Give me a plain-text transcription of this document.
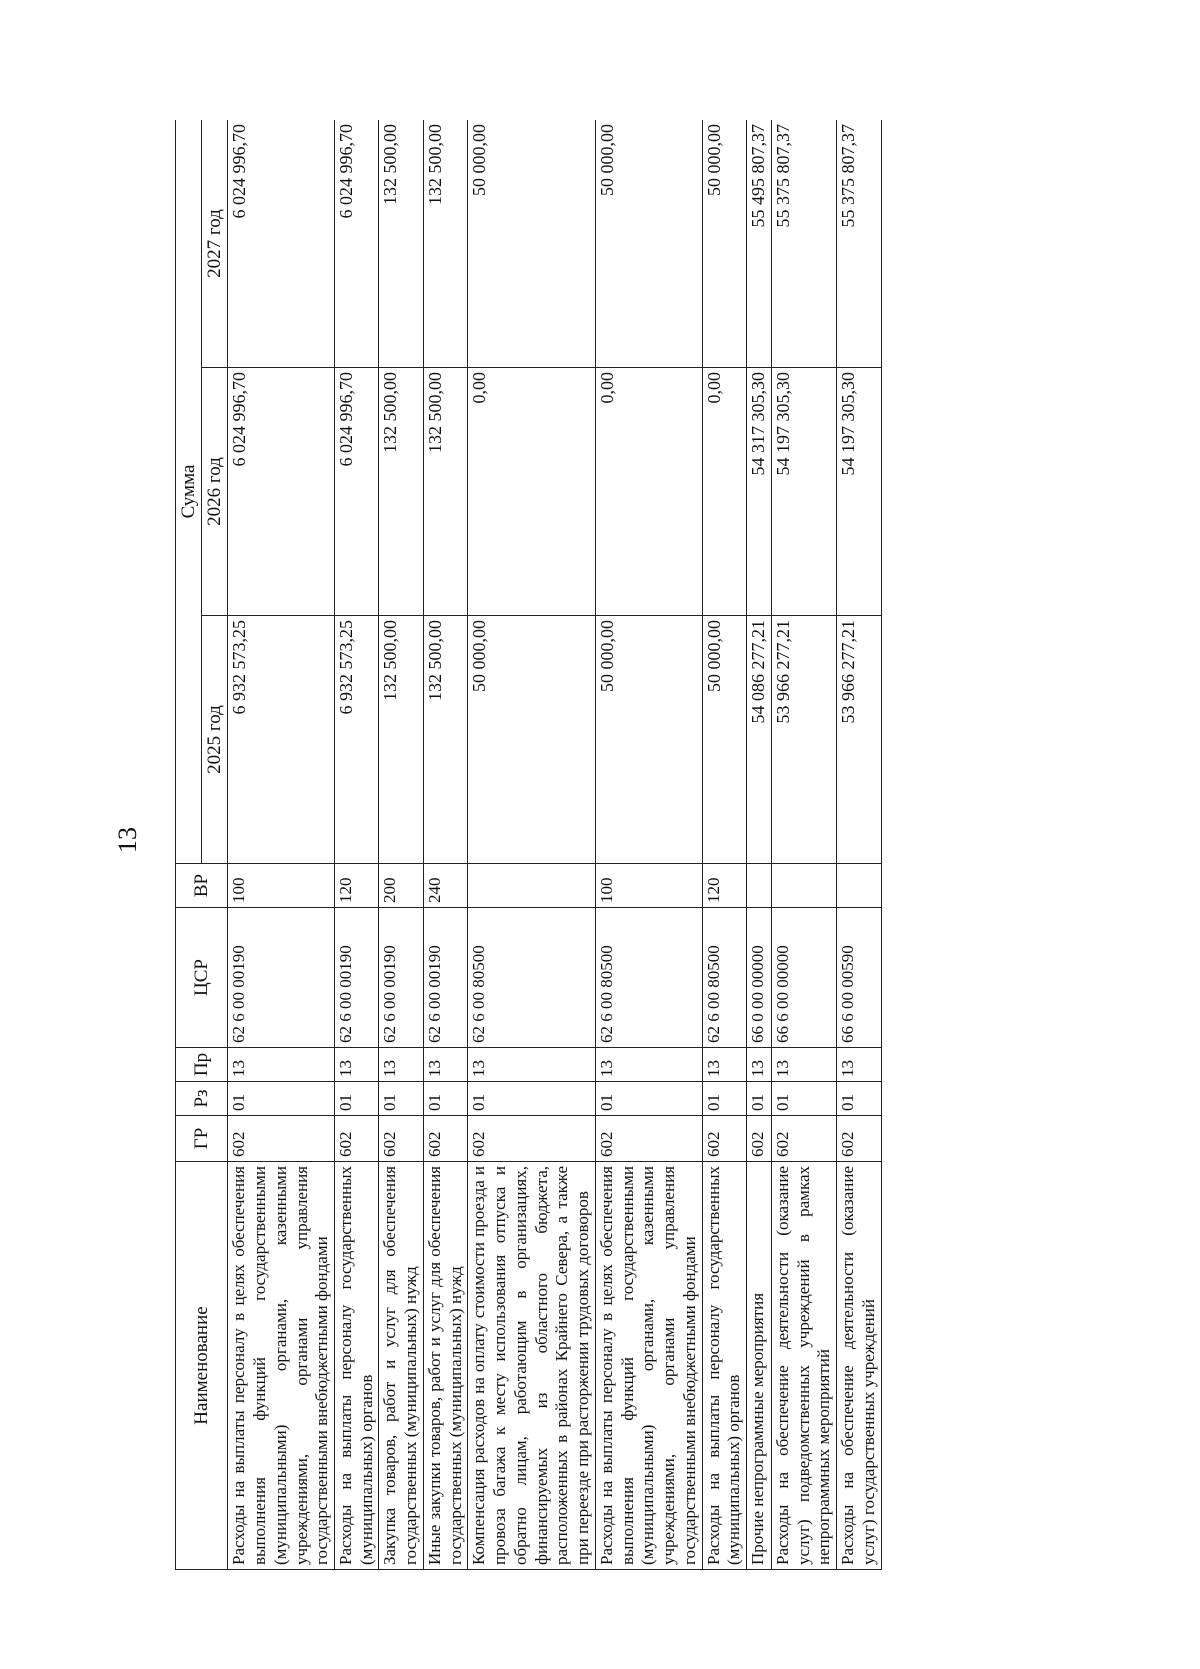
13
Наименование	ГР	Рз	Пр	ЦСР	ВР	Сумма		
						2025 год	2026 год	2027 год
Расходы на выплаты персоналу в целях обеспечения выполнения функций государственными (муниципальными) органами, казенными учреждениями, органами управления государственными внебюджетными фондами	602	01	13	62 6 00 00190	100	6 932 573,25	6 024 996,70	6 024 996,70
Расходы на выплаты персоналу государственных (муниципальных) органов	602	01	13	62 6 00 00190	120	6 932 573,25	6 024 996,70	6 024 996,70
Закупка товаров, работ и услуг для обеспечения государственных (муниципальных) нужд	602	01	13	62 6 00 00190	200	132 500,00	132 500,00	132 500,00
Иные закупки товаров, работ и услуг для обеспечения государственных (муниципальных) нужд	602	01	13	62 6 00 00190	240	132 500,00	132 500,00	132 500,00
Компенсация расходов на оплату стоимости проезда и провоза багажа к месту использования отпуска и обратно лицам, работающим в организациях, финансируемых из областного бюджета, расположенных в районах Крайнего Севера, а также при переезде при расторжении трудовых договоров	602	01	13	62 6 00 80500		50 000,00	0,00	50 000,00
Расходы на выплаты персоналу в целях обеспечения выполнения функций государственными (муниципальными) органами, казенными учреждениями, органами управления государственными внебюджетными фондами	602	01	13	62 6 00 80500	100	50 000,00	0,00	50 000,00
Расходы на выплаты персоналу государственных (муниципальных) органов	602	01	13	62 6 00 80500	120	50 000,00	0,00	50 000,00
Прочие непрограммные мероприятия	602	01	13	66 0 00 00000		54 086 277,21	54 317 305,30	55 495 807,37
Расходы на обеспечение деятельности (оказание услуг) подведомственных учреждений в рамках непрограммных мероприятий	602	01	13	66 6 00 00000		53 966 277,21	54 197 305,30	55 375 807,37
Расходы на обеспечение деятельности (оказание услуг) государственных учреждений	602	01	13	66 6 00 00590		53 966 277,21	54 197 305,30	55 375 807,37
